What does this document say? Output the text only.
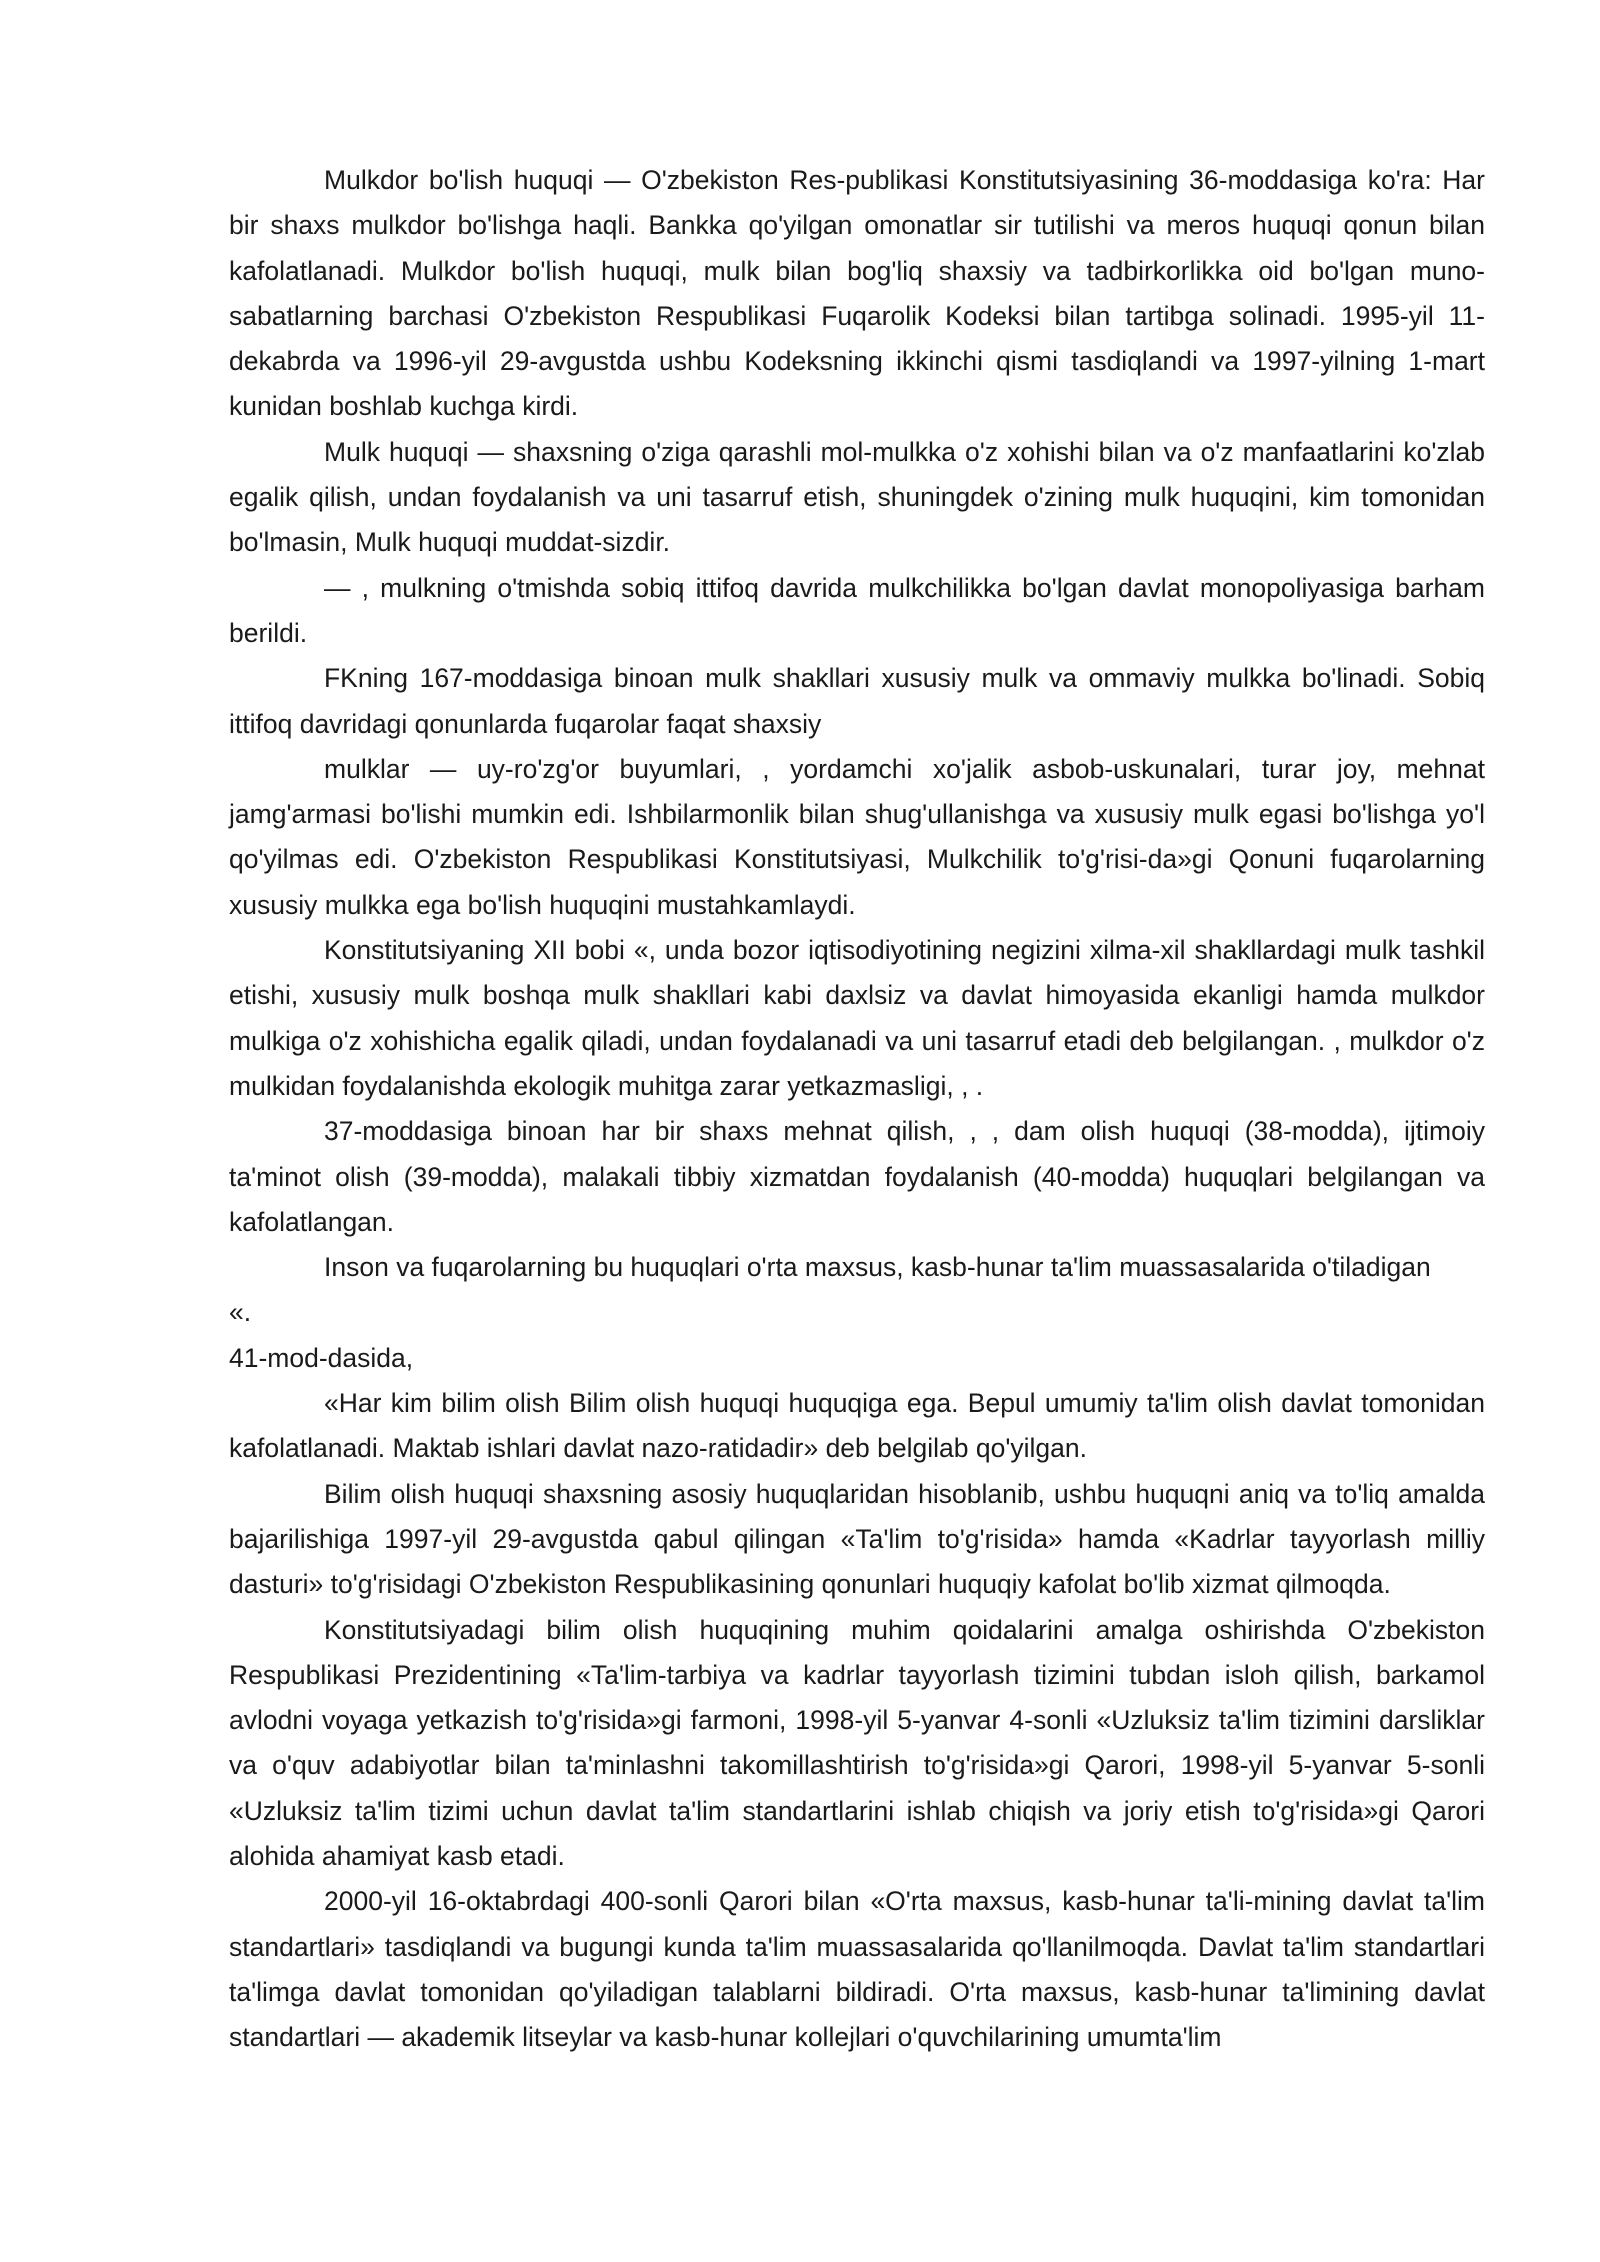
Mulkdor bo'lish huquqi — O'zbekiston Res-publikasi Konstitutsiyasining 36-moddasiga ko'ra: Har bir shaxs mulkdor bo'lishga haqli. Bankka qo'yilgan omonatlar sir tutilishi va meros huquqi qonun bilan kafolatlanadi. Mulkdor bo'lish huquqi, mulk bilan bog'liq shaxsiy va tadbirkorlikka oid bo'lgan muno-sabatlarning barchasi O'zbekiston Respublikasi Fuqarolik Kodeksi bilan tartibga solinadi. 1995-yil 11-dekabrda va 1996-yil 29-avgustda ushbu Kodeksning ikkinchi qismi tasdiqlandi va 1997-yilning 1-mart kunidan boshlab kuchga kirdi.

Mulk huquqi — shaxsning o'ziga qarashli mol-mulkka o'z xohishi bilan va o'z manfaatlarini ko'zlab egalik qilish, undan foydalanish va uni tasarruf etish, shuningdek o'zining mulk huquqini, kim tomonidan bo'lmasin, Mulk huquqi muddat-sizdir.

— , mulkning o'tmishda sobiq ittifoq davrida mulkchilikka bo'lgan davlat monopoliyasiga barham berildi.

FKning 167-moddasiga binoan mulk shakllari xususiy mulk va ommaviy mulkka bo'linadi. Sobiq ittifoq davridagi qonunlarda fuqarolar faqat shaxsiy

mulklar — uy-ro'zg'or buyumlari, , yordamchi xo'jalik asbob-uskunalari, turar joy, mehnat jamg'armasi bo'lishi mumkin edi. Ishbilarmonlik bilan shug'ullanishga va xususiy mulk egasi bo'lishga yo'l qo'yilmas edi. O'zbekiston Respublikasi Konstitutsiyasi, Mulkchilik to'g'risi-da»gi Qonuni fuqarolarning xususiy mulkka ega bo'lish huquqini mustahkamlaydi.

Konstitutsiyaning XII bobi «, unda bozor iqtisodiyotining negizini xilma-xil shakllardagi mulk tashkil etishi, xususiy mulk boshqa mulk shakllari kabi daxlsiz va davlat himoyasida ekanligi hamda mulkdor mulkiga o'z xohishicha egalik qiladi, undan foydalanadi va uni tasarruf etadi deb belgilangan. , mulkdor o'z mulkidan foydalanishda ekologik muhitga zarar yetkazmasligi, , .

37-moddasiga binoan har bir shaxs mehnat qilish, , , dam olish huquqi (38-modda), ijtimoiy ta'minot olish (39-modda), malakali tibbiy xizmatdan foydalanish (40-modda) huquqlari belgilangan va kafolatlangan.

Inson va fuqarolarning bu huquqlari o'rta maxsus, kasb-hunar ta'lim muassasalarida o'tiladigan

«.

41-mod-dasida,

«Har kim bilim olish Bilim olish huquqi huquqiga ega. Bepul umumiy ta'lim olish davlat tomonidan kafolatlanadi. Maktab ishlari davlat nazo-ratidadir» deb belgilab qo'yilgan.

Bilim olish huquqi shaxsning asosiy huquqlaridan hisoblanib, ushbu huquqni aniq va to'liq amalda bajarilishiga 1997-yil 29-avgustda qabul qilingan «Ta'lim to'g'risida» hamda «Kadrlar tayyorlash milliy dasturi» to'g'risidagi O'zbekiston Respublikasining qonunlari huquqiy kafolat bo'lib xizmat qilmoqda.

Konstitutsiyadagi bilim olish huquqining muhim qoidalarini amalga oshirishda O'zbekiston Respublikasi Prezidentining «Ta'lim-tarbiya va kadrlar tayyorlash tizimini tubdan isloh qilish, barkamol avlodni voyaga yetkazish to'g'risida»gi farmoni, 1998-yil 5-yanvar 4-sonli «Uzluksiz ta'lim tizimini darsliklar va o'quv adabiyotlar bilan ta'minlashni takomillashtirish to'g'risida»gi Qarori, 1998-yil 5-yanvar 5-sonli «Uzluksiz ta'lim tizimi uchun davlat ta'lim standartlarini ishlab chiqish va joriy etish to'g'risida»gi Qarori alohida ahamiyat kasb etadi.

2000-yil 16-oktabrdagi 400-sonli Qarori bilan «O'rta maxsus, kasb-hunar ta'li-mining davlat ta'lim standartlari» tasdiqlandi va bugungi kunda ta'lim muassasalarida qo'llanilmoqda. Davlat ta'lim standartlari ta'limga davlat tomonidan qo'yiladigan talablarni bildiradi. O'rta maxsus, kasb-hunar ta'limining davlat standartlari — akademik litseylar va kasb-hunar kollejlari o'quvchilarining umumta'lim
